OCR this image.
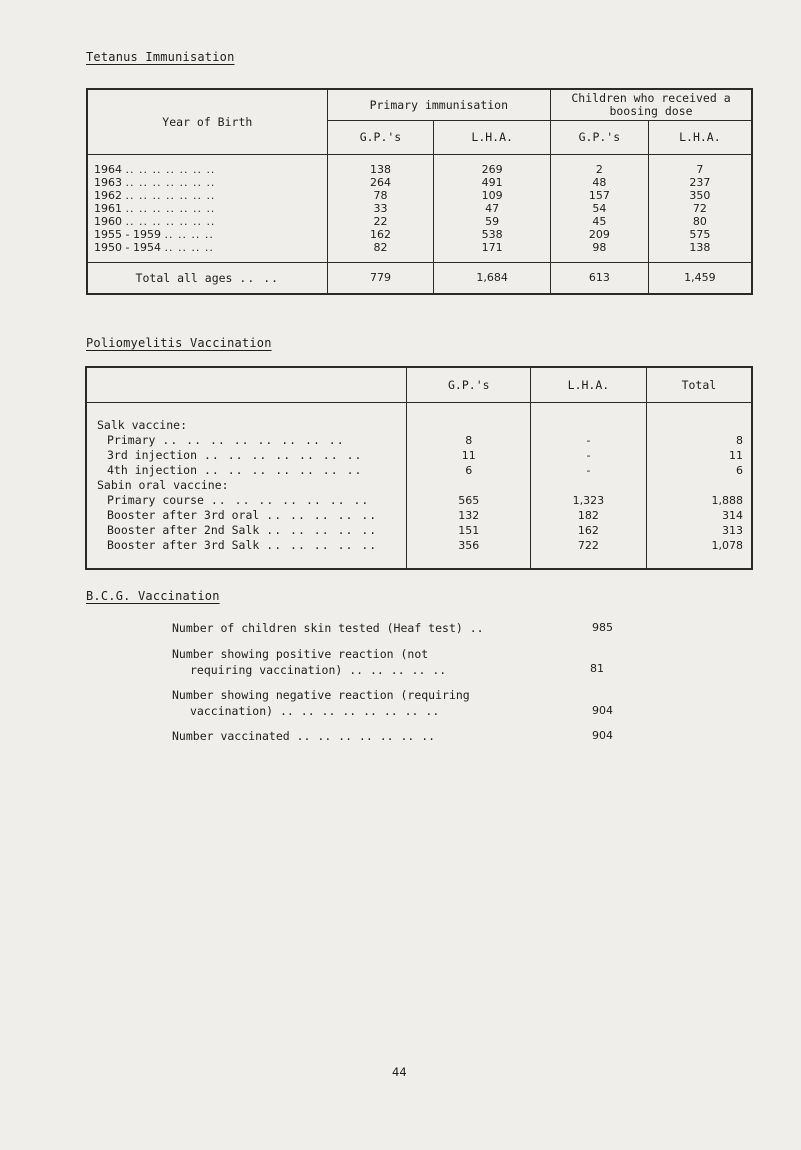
Tetanus Immunisation
Year of Birth	Primary immunisation		Children who received a boosing dose	
	G.P.'s	L.H.A.	G.P.'s	L.H.A.

1964 .. .. .. .. .. .. ..	138	269	2	7
1963 .. .. .. .. .. .. ..	264	491	48	237
1962 .. .. .. .. .. .. ..	78	109	157	350
1961 .. .. .. .. .. .. ..	33	47	54	72
1960 .. .. .. .. .. .. ..	22	59	45	80
1955 - 1959 .. .. .. ..	162	538	209	575
1950 - 1954 .. .. .. ..	82	171	98	138

Total all ages .. ..	779	1,684	613	1,459
Poliomyelitis Vaccination
	G.P.'s	L.H.A.	Total

Salk vaccine:			
Primary .. .. .. .. .. .. .. ..	8	-	8
3rd injection .. .. .. .. .. .. ..	11	-	11
4th injection .. .. .. .. .. .. ..	6	-	6
Sabin oral vaccine:			
Primary course .. .. .. .. .. .. ..	565	1,323	1,888
Booster after 3rd oral .. .. .. .. ..	132	182	314
Booster after 2nd Salk .. .. .. .. ..	151	162	313
Booster after 3rd Salk .. .. .. .. ..	356	722	1,078

B.C.G. Vaccination
Number of children skin tested (Heaf test) ..	985
Number showing positive reaction (not
requiring vaccination) .. .. .. .. ..	81
Number showing negative reaction (requiring
vaccination) .. .. .. .. .. .. .. ..	904
Number vaccinated .. .. .. .. .. .. ..	904
44
